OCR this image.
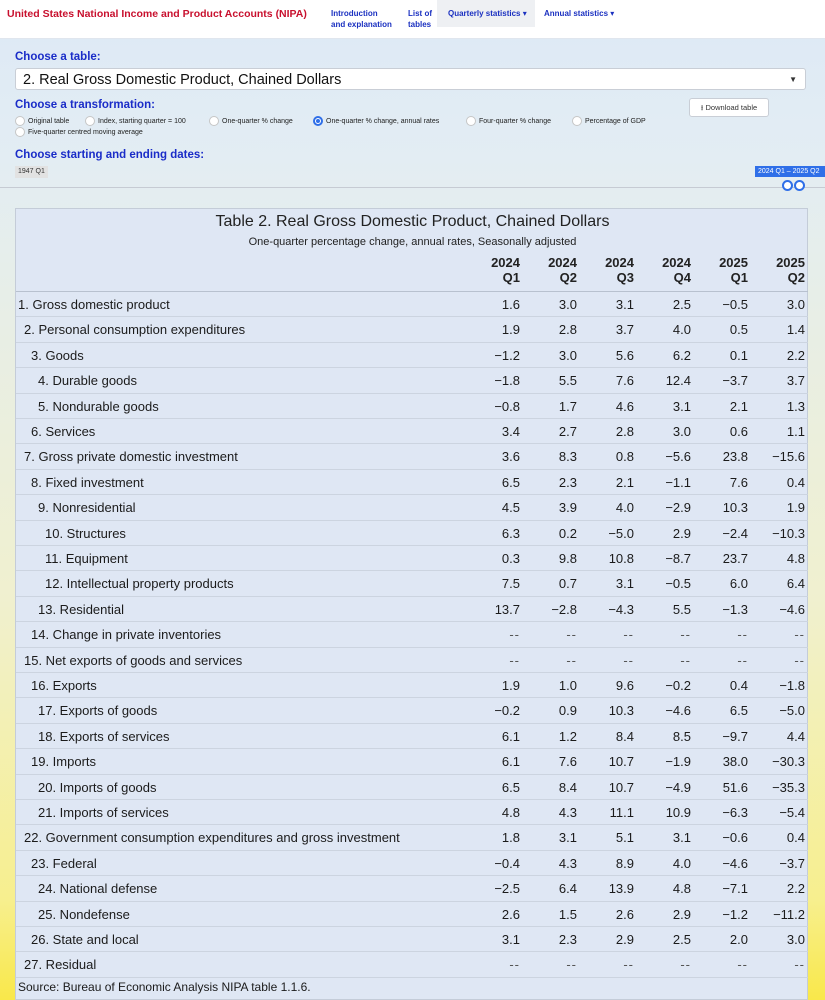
United States National Income and Product Accounts (NIPA)	Introduction
and explanation
List of
tables
Quarterly statistics ▾ Annual statistics ▾
Choose a table:
2. Real Gross Domestic Product, Chained Dollars	▼
Choose a transformation:
Original table	Index, starting quarter = 100	One-quarter % change	One-quarter % change, annual rates	Four-quarter % change	Percentage of GDP
Five-quarter centred moving average
⭳ Download table
Choose starting and ending dates:
1947 Q1	2024 Q1 – 2025 Q2
Table 2. Real Gross Domestic Product, Chained Dollars
One-quarter percentage change, annual rates, Seasonally adjusted
2024
Q1
2024
Q2
2024
Q3
2024
Q4
2025
Q1
2025
Q2
1. Gross domestic product	1.6	3.0	3.1	2.5	−0.5	3.0
2. Personal consumption expenditures	1.9	2.8	3.7	4.0	0.5	1.4
3. Goods	−1.2	3.0	5.6	6.2	0.1	2.2
4. Durable goods	−1.8	5.5	7.6	12.4	−3.7	3.7
5. Nondurable goods	−0.8	1.7	4.6	3.1	2.1	1.3
6. Services	3.4	2.7	2.8	3.0	0.6	1.1
7. Gross private domestic investment	3.6	8.3	0.8	−5.6	23.8	−15.6
8. Fixed investment	6.5	2.3	2.1	−1.1	7.6	0.4
9. Nonresidential	4.5	3.9	4.0	−2.9	10.3	1.9
10. Structures	6.3	0.2	−5.0	2.9	−2.4	−10.3
11. Equipment	0.3	9.8	10.8	−8.7	23.7	4.8
12. Intellectual property products	7.5	0.7	3.1	−0.5	6.0	6.4
13. Residential	13.7	−2.8	−4.3	5.5	−1.3	−4.6
14. Change in private inventories	--	--	--	--	--	--
15. Net exports of goods and services	--	--	--	--	--	--
16. Exports	1.9	1.0	9.6	−0.2	0.4	−1.8
17. Exports of goods	−0.2	0.9	10.3	−4.6	6.5	−5.0
18. Exports of services	6.1	1.2	8.4	8.5	−9.7	4.4
19. Imports	6.1	7.6	10.7	−1.9	38.0	−30.3
20. Imports of goods	6.5	8.4	10.7	−4.9	51.6	−35.3
21. Imports of services	4.8	4.3	11.1	10.9	−6.3	−5.4
22. Government consumption expenditures and gross investment	1.8	3.1	5.1	3.1	−0.6	0.4
23. Federal	−0.4	4.3	8.9	4.0	−4.6	−3.7
24. National defense	−2.5	6.4	13.9	4.8	−7.1	2.2
25. Nondefense	2.6	1.5	2.6	2.9	−1.2	−11.2
26. State and local	3.1	2.3	2.9	2.5	2.0	3.0
27. Residual	--	--	--	--	--	--
Source: Bureau of Economic Analysis NIPA table 1.1.6.
